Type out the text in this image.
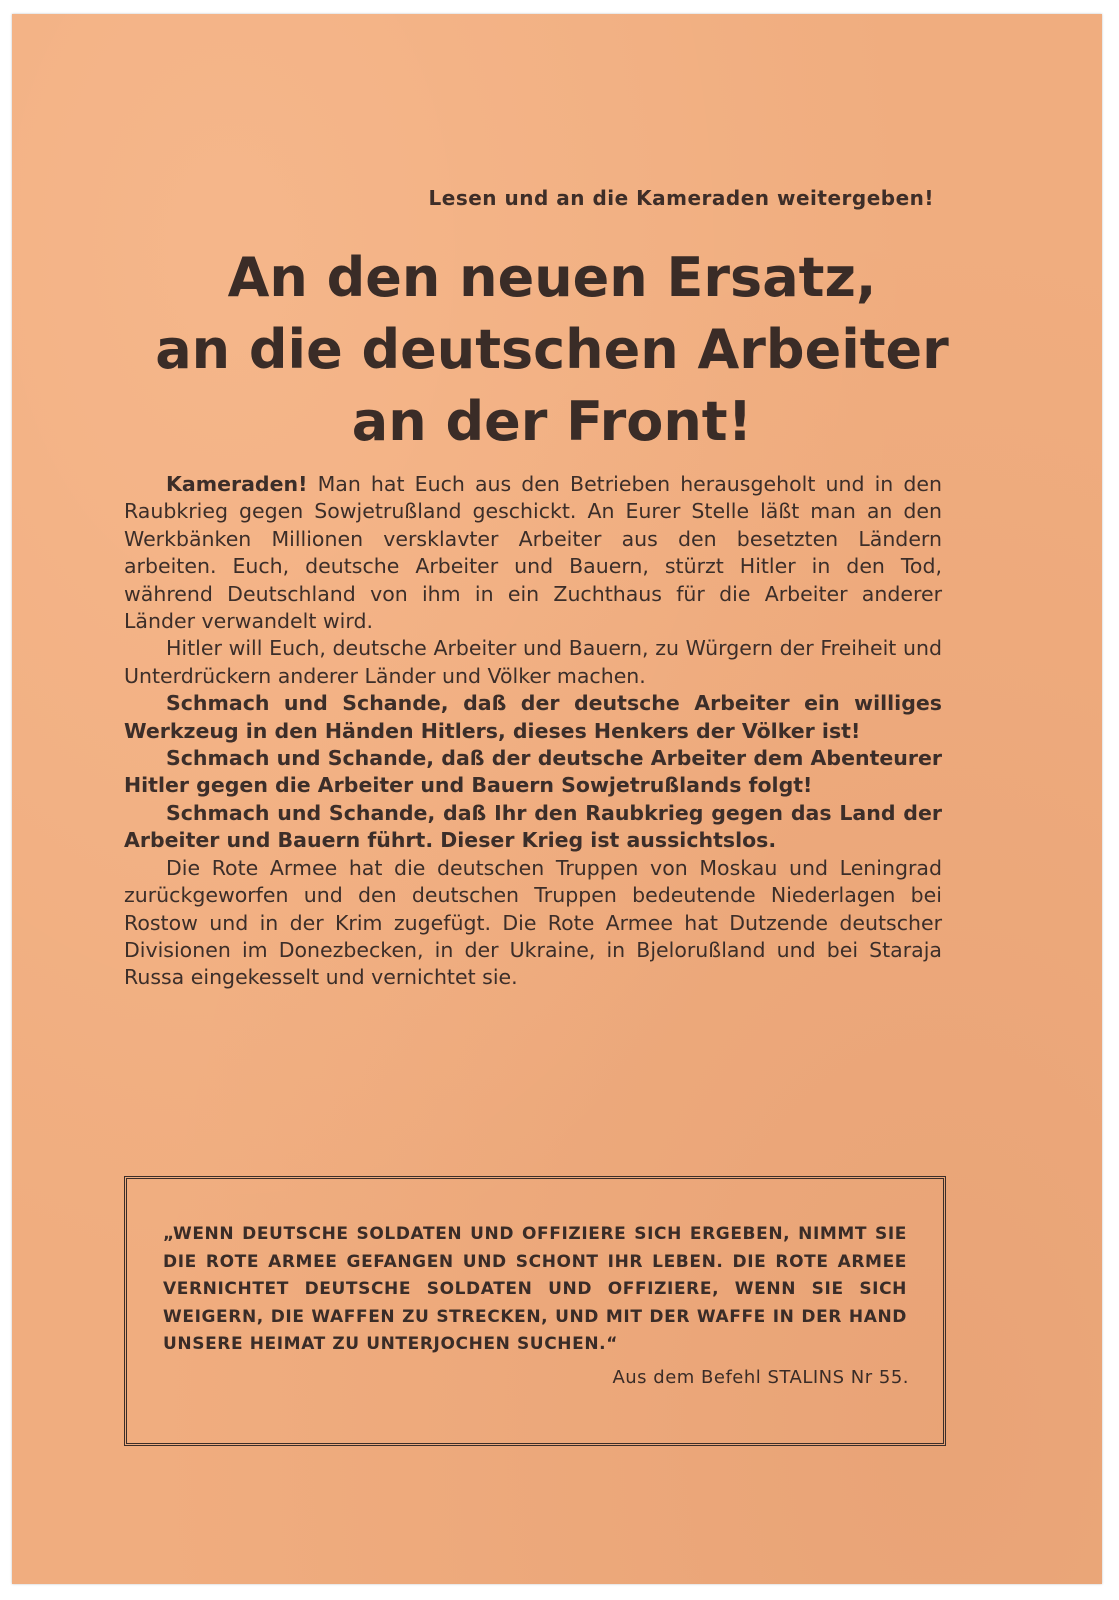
Lesen und an die Kameraden weitergeben!
An den neuen Ersatz,
an die deutschen Arbeiter
an der Front!

Kameraden! Man hat Euch aus den Betrieben herausgeholt und in den Raubkrieg gegen Sowjetrußland geschickt. An Eurer Stelle läßt man an den Werkbänken Millionen versklavter Arbeiter aus den besetzten Ländern arbeiten. Euch, deutsche Arbeiter und Bauern, stürzt Hitler in den Tod, während Deutschland von ihm in ein Zuchthaus für die Arbeiter anderer Länder verwandelt wird.

Hitler will Euch, deutsche Arbeiter und Bauern, zu Würgern der Freiheit und Unterdrückern anderer Länder und Völker machen.

Schmach und Schande, daß der deutsche Arbeiter ein williges Werkzeug in den Händen Hitlers, dieses Henkers der Völker ist!

Schmach und Schande, daß der deutsche Arbeiter dem Abenteurer Hitler gegen die Arbeiter und Bauern Sowjetrußlands folgt!

Schmach und Schande, daß Ihr den Raubkrieg gegen das Land der Arbeiter und Bauern führt. Dieser Krieg ist aussichtslos.

Die Rote Armee hat die deutschen Truppen von Moskau und Leningrad zurückgeworfen und den deutschen Truppen bedeutende Niederlagen bei Rostow und in der Krim zugefügt. Die Rote Armee hat Dutzende deutscher Divisionen im Donezbecken, in der Ukraine, in Bjelorußland und bei Staraja Russa eingekesselt und vernichtet sie.

„WENN DEUTSCHE SOLDATEN UND OFFIZIERE SICH ERGEBEN, NIMMT SIE DIE ROTE ARMEE GEFANGEN UND SCHONT IHR LEBEN. DIE ROTE ARMEE VERNICHTET DEUTSCHE SOLDATEN UND OFFIZIERE, WENN SIE SICH WEIGERN, DIE WAFFEN ZU STRECKEN, UND MIT DER WAFFE IN DER HAND UNSERE HEIMAT ZU UNTERJOCHEN SUCHEN.“
Aus dem Befehl STALINS Nr 55.
